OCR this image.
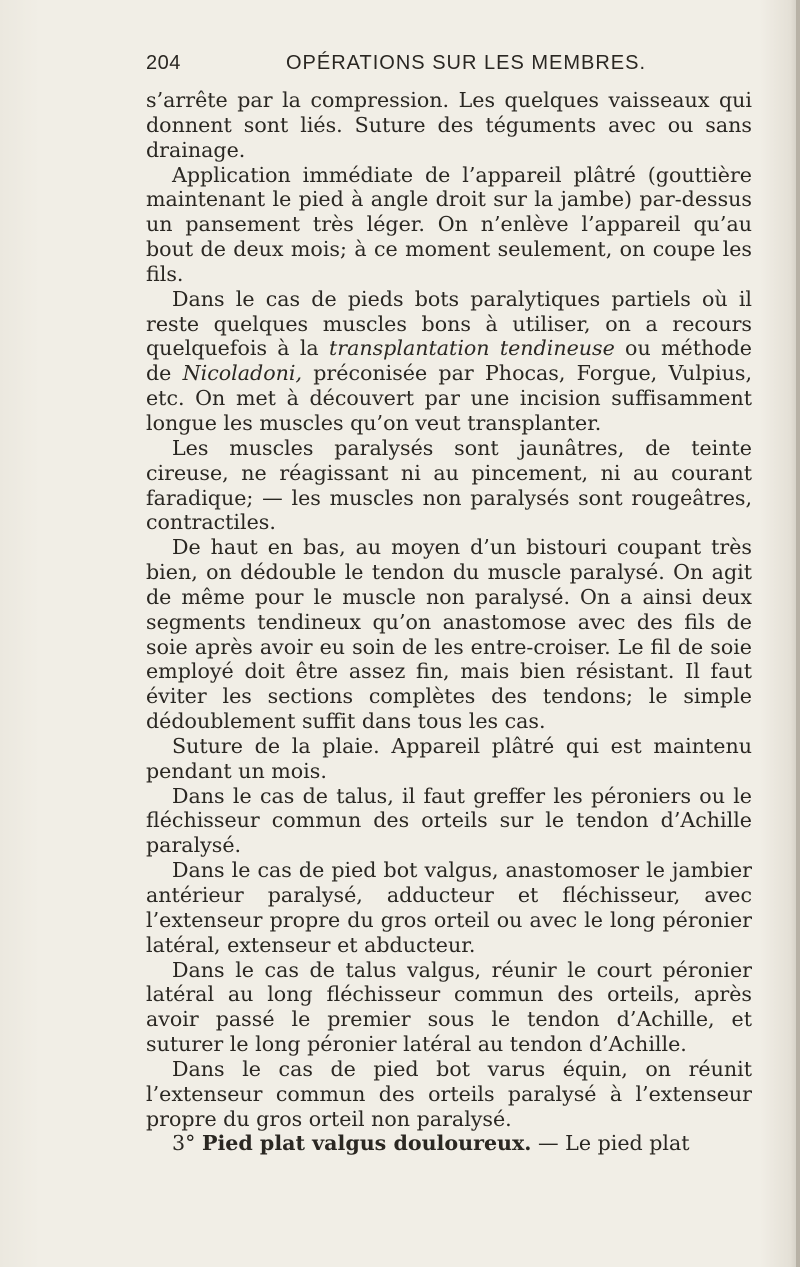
204	OPÉRATIONS SUR LES MEMBRES.

s’arrête par la compression. Les quelques vaisseaux qui donnent sont liés. Suture des téguments avec ou sans drainage.

Application immédiate de l’appareil plâtré (gouttière maintenant le pied à angle droit sur la jambe) par-dessus un pansement très léger. On n’enlève l’appareil qu’au bout de deux mois; à ce moment seulement, on coupe les fils.

Dans le cas de pieds bots paralytiques partiels où il reste quelques muscles bons à utiliser, on a recours quelquefois à la transplantation tendineuse ou méthode de Nicoladoni, préconisée par Phocas, Forgue, Vulpius, etc. On met à découvert par une incision suffisamment longue les muscles qu’on veut transplanter.

Les muscles paralysés sont jaunâtres, de teinte cireuse, ne réagissant ni au pincement, ni au courant faradique; — les muscles non paralysés sont rougeâtres, contractiles.

De haut en bas, au moyen d’un bistouri coupant très bien, on dédouble le tendon du muscle paralysé. On agit de même pour le muscle non paralysé. On a ainsi deux segments tendineux qu’on anastomose avec des fils de soie après avoir eu soin de les entre-croiser. Le fil de soie employé doit être assez fin, mais bien résistant. Il faut éviter les sections complètes des tendons; le simple dédoublement suffit dans tous les cas.

Suture de la plaie. Appareil plâtré qui est maintenu pendant un mois.

Dans le cas de talus, il faut greffer les péroniers ou le fléchisseur commun des orteils sur le tendon d’Achille paralysé.

Dans le cas de pied bot valgus, anastomoser le jambier antérieur paralysé, adducteur et fléchisseur, avec l’extenseur propre du gros orteil ou avec le long péronier latéral, extenseur et abducteur.

Dans le cas de talus valgus, réunir le court péronier latéral au long fléchisseur commun des orteils, après avoir passé le premier sous le tendon d’Achille, et suturer le long péronier latéral au tendon d’Achille.

Dans le cas de pied bot varus équin, on réunit l’extenseur commun des orteils paralysé à l’extenseur propre du gros orteil non paralysé.

3° Pied plat valgus douloureux. — Le pied plat
